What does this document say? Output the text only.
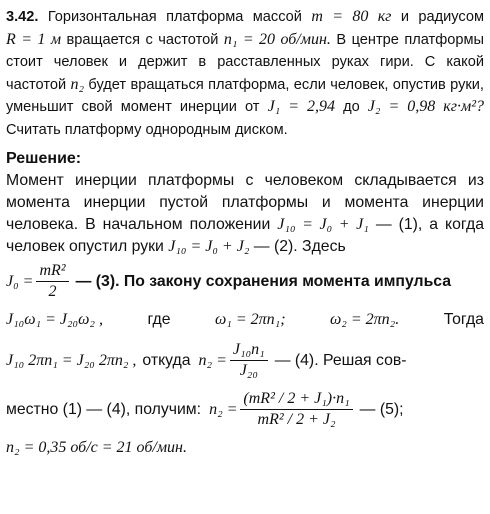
3.42. Горизонтальная платформа массой m = 80 кг и радиусом R = 1 м вращается с частотой n₁ = 20 об/мин. В центре платформы стоит человек и держит в расставленных руках гири. С какой частотой n₂ будет вращаться платформа, если человек, опустив руки, уменьшит свой момент инерции от J₁ = 2,94 до J₂ = 0,98 кг·м²? Считать платформу однородным диском.

Решение:

Момент инерции платформы с человеком складывается из момента инерции пустой платформы и момента инерции человека. В начальном положении J₁₀ = J₀ + J₁ — (1), а когда человек опустил руки J₁₀ = J₀ + J₂ — (2). Здесь

$J_0 = \frac{\text{mR²}}{2}$ — (3). По закону сохранения момента импульса
J₁₀ω₁ = J₂₀ω₂ ,	где	ω₁ = 2πn₁;	ω₂ = 2πn₂.	Тогда
J₁₀ 2πn₁ = J₂₀ 2πn₂ , откуда $n_2 = \frac{\text{J₁₀n₁}}{\text{J₂₀}}$ — (4). Решая сов-
местно (1) — (4), получим: $n_2 = \frac{\text{(mR² / 2 + J₁)·n₁}}{\text{mR² / 2 + J₂}}$ — (5);
n₂ = 0,35 об/с = 21 об/мин.
